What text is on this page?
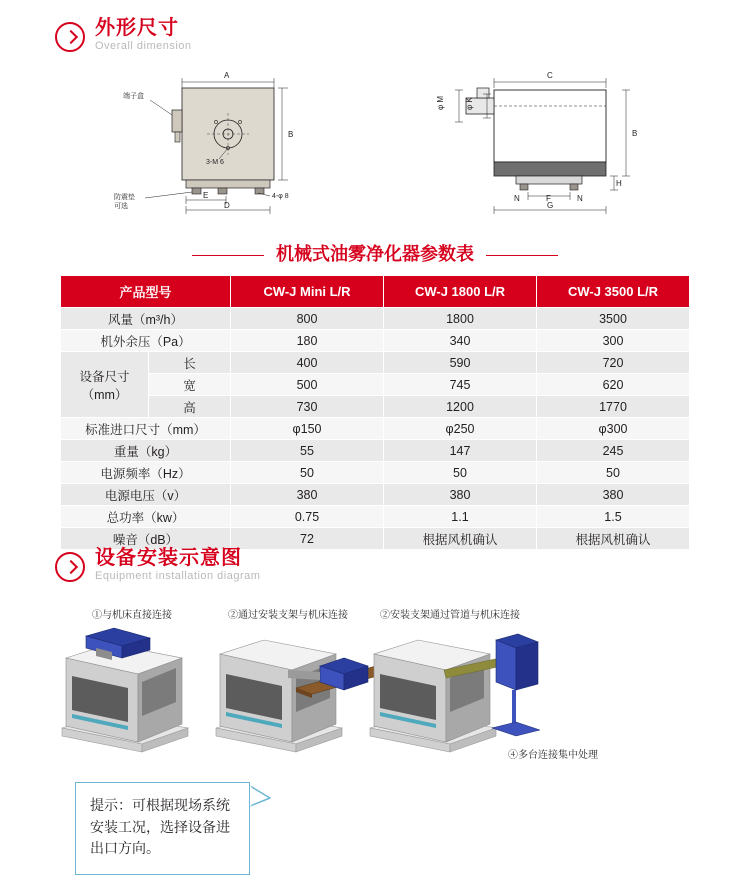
外形尺寸
Overall dimension
3-M 6
端子盒
防震垫
可选
4-φ 8
A
B
E
D
φ M	φ K
C
B
H
N	F	N
G
机械式油雾净化器参数表
产品型号		CW-J Mini L/R	CW-J 1800 L/R	CW-J 3500 L/R
风量（m³/h）		800	1800	3500
机外余压（Pa）		180	340	300

设备尺寸
（mm）	长	400	590	720
	宽	500	745	620
	高	730	1200	1770
标准进口尺寸（mm）		φ150	φ250	φ300
重量（kg）		55	147	245
电源频率（Hz）		50	50	50
电源电压（v）		380	380	380
总功率（kw）		0.75	1.1	1.5
噪音（dB）		72	根据风机确认	根据风机确认
设备安装示意图
Equipment installation diagram
①与机床直接连接	②通过安装支架与机床连接	②安装支架通过管道与机床连接
④多台连接集中处理
提示：可根据现场系统
安装工况，选择设备进
出口方向。
